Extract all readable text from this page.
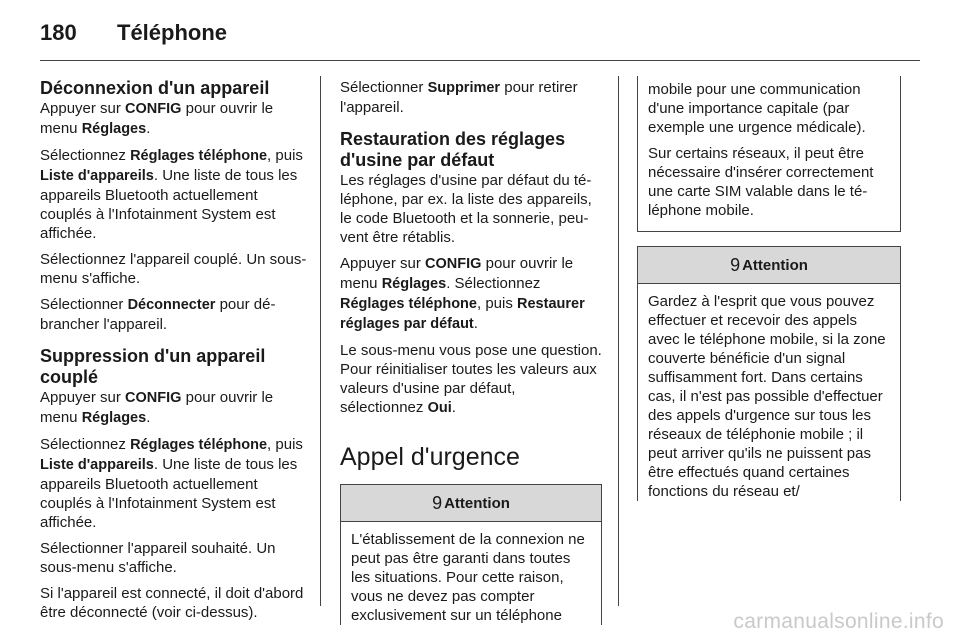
180 Téléphone
Déconnexion d'un appareil

Appuyer sur CONFIG pour ouvrir le menu Réglages.

Sélectionnez Réglages téléphone, puis Liste d'appareils. Une liste de tous les appareils Bluetooth actuellement couplés à l'Infotainment System est affichée.

Sélectionnez l'appareil couplé. Un sous-menu s'affiche.

Sélectionner Déconnecter pour débrancher l'appareil.

Suppression d'un appareil couplé

Appuyer sur CONFIG pour ouvrir le menu Réglages.

Sélectionnez Réglages téléphone, puis Liste d'appareils. Une liste de tous les appareils Bluetooth actuellement couplés à l'Infotainment System est affichée.

Sélectionner l'appareil souhaité. Un sous-menu s'affiche.

Si l'appareil est connecté, il doit d'abord être déconnecté (voir ci-dessus).

Sélectionner Supprimer pour retirer l'appareil.

Restauration des réglages d'usine par défaut

Les réglages d'usine par défaut du téléphone, par ex. la liste des appareils, le code Bluetooth et la sonnerie, peuvent être rétablis.

Appuyer sur CONFIG pour ouvrir le menu Réglages. Sélectionnez Réglages téléphone, puis Restaurer réglages par défaut.

Le sous-menu vous pose une question. Pour réinitialiser toutes les valeurs aux valeurs d'usine par défaut, sélectionnez Oui.

Appel d'urgence
9 Attention

L'établissement de la connexion ne peut pas être garanti dans toutes les situations. Pour cette raison, vous ne devez pas compter exclusivement sur un téléphone

mobile pour une communication d'une importance capitale (par exemple une urgence médicale).

Sur certains réseaux, il peut être nécessaire d'insérer correctement une carte SIM valable dans le téléphone mobile.

9 Attention

Gardez à l'esprit que vous pouvez effectuer et recevoir des appels avec le téléphone mobile, si la zone couverte bénéficie d'un signal suffisamment fort. Dans certains cas, il n'est pas possible d'effectuer des appels d'urgence sur tous les réseaux de téléphonie mobile ; il peut arriver qu'ils ne puissent pas être effectués quand certaines fonctions du réseau et/

carmanualsonline.info
